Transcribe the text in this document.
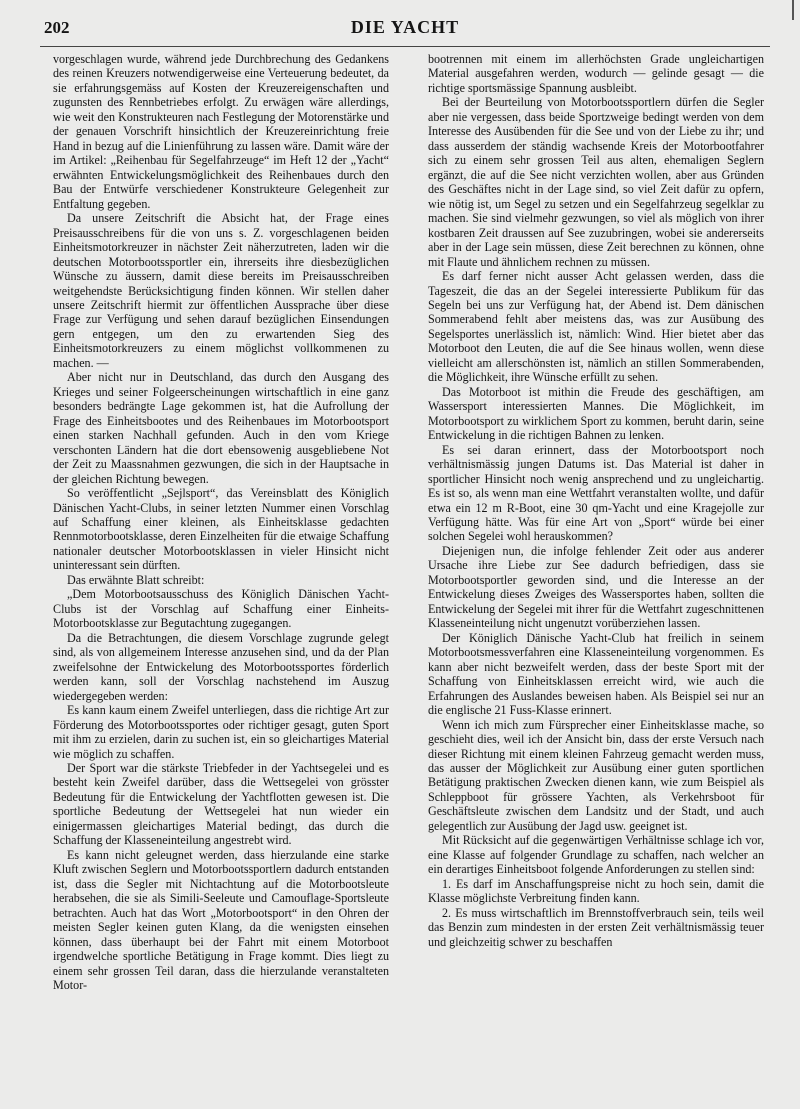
202	DIE YACHT

vorgeschlagen wurde, während jede Durchbrechung des Gedankens des reinen Kreuzers notwendigerweise eine Verteuerung bedeutet, da sie erfahrungsgemäss auf Kosten der Kreuzereigenschaften und zugunsten des Rennbetriebes erfolgt. Zu erwägen wäre allerdings, wie weit den Konstrukteuren nach Festlegung der Motorenstärke und der genauen Vorschrift hinsichtlich der Kreuzereinrichtung freie Hand in bezug auf die Linienführung zu lassen wäre. Damit wäre der im Artikel: „Reihenbau für Segelfahrzeuge“ im Heft 12 der „Yacht“ erwähnten Entwickelungsmöglichkeit des Reihenbaues durch den Bau der Entwürfe verschiedener Konstrukteure Gelegenheit zur Entfaltung gegeben.

Da unsere Zeitschrift die Absicht hat, der Frage eines Preisausschreibens für die von uns s. Z. vorgeschlagenen beiden Einheitsmotorkreuzer in nächster Zeit näherzutreten, laden wir die deutschen Motorbootssportler ein, ihrerseits ihre diesbezüglichen Wünsche zu äussern, damit diese bereits im Preisausschreiben weitgehendste Berücksichtigung finden können. Wir stellen daher unsere Zeitschrift hiermit zur öffentlichen Aussprache über diese Frage zur Verfügung und sehen darauf bezüglichen Einsendungen gern entgegen, um den zu erwartenden Sieg des Einheitsmotorkreuzers zu einem möglichst vollkommenen zu machen. —

Aber nicht nur in Deutschland, das durch den Ausgang des Krieges und seiner Folgeerscheinungen wirtschaftlich in eine ganz besonders bedrängte Lage gekommen ist, hat die Aufrollung der Frage des Einheitsbootes und des Reihenbaues im Motorbootsport einen starken Nachhall gefunden. Auch in den vom Kriege verschonten Ländern hat die dort ebensowenig ausgebliebene Not der Zeit zu Maassnahmen gezwungen, die sich in der Hauptsache in der gleichen Richtung bewegen.

So veröffentlicht „Sejlsport“, das Vereinsblatt des Königlich Dänischen Yacht-Clubs, in seiner letzten Nummer einen Vorschlag auf Schaffung einer kleinen, als Einheitsklasse gedachten Rennmotorbootsklasse, deren Einzelheiten für die etwaige Schaffung nationaler deutscher Motorbootsklassen in vieler Hinsicht nicht uninteressant sein dürften.

Das erwähnte Blatt schreibt:

„Dem Motorbootsausschuss des Königlich Dänischen Yacht-Clubs ist der Vorschlag auf Schaffung einer Einheits-Motorbootsklasse zur Begutachtung zugegangen.

Da die Betrachtungen, die diesem Vorschlage zugrunde gelegt sind, als von allgemeinem Interesse anzusehen sind, und da der Plan zweifelsohne der Entwickelung des Motorbootssportes förderlich werden kann, soll der Vorschlag nachstehend im Auszug wiedergegeben werden:

Es kann kaum einem Zweifel unterliegen, dass die richtige Art zur Förderung des Motorbootssportes oder richtiger gesagt, guten Sport mit ihm zu erzielen, darin zu suchen ist, ein so gleichartiges Material wie möglich zu schaffen.

Der Sport war die stärkste Triebfeder in der Yachtsegelei und es besteht kein Zweifel darüber, dass die Wettsegelei von grösster Bedeutung für die Entwickelung der Yachtflotten gewesen ist. Die sportliche Bedeutung der Wettsegelei hat nun wieder ein einigermassen gleichartiges Material bedingt, das durch die Schaffung der Klasseneinteilung angestrebt wird.

Es kann nicht geleugnet werden, dass hierzulande eine starke Kluft zwischen Seglern und Motorbootssportlern dadurch entstanden ist, dass die Segler mit Nichtachtung auf die Motorbootsleute herabsehen, die sie als Simili-Seeleute und Camouflage-Sportsleute betrachten. Auch hat das Wort „Motorbootsport“ in den Ohren der meisten Segler keinen guten Klang, da die wenigsten einsehen können, dass überhaupt bei der Fahrt mit einem Motorboot irgendwelche sportliche Betätigung in Frage kommt. Dies liegt zu einem sehr grossen Teil daran, dass die hierzulande veranstalteten Motor-

bootrennen mit einem im allerhöchsten Grade ungleichartigen Material ausgefahren werden, wodurch — gelinde gesagt — die richtige sportsmässige Spannung ausbleibt.

Bei der Beurteilung von Motorbootssportlern dürfen die Segler aber nie vergessen, dass beide Sportzweige bedingt werden von dem Interesse des Ausübenden für die See und von der Liebe zu ihr; und dass ausserdem der ständig wachsende Kreis der Motorbootfahrer sich zu einem sehr grossen Teil aus alten, ehemaligen Seglern ergänzt, die auf die See nicht verzichten wollen, aber aus Gründen des Geschäftes nicht in der Lage sind, so viel Zeit dafür zu opfern, wie nötig ist, um Segel zu setzen und ein Segelfahrzeug segelklar zu machen. Sie sind vielmehr gezwungen, so viel als möglich von ihrer kostbaren Zeit draussen auf See zuzubringen, wobei sie andererseits aber in der Lage sein müssen, diese Zeit berechnen zu können, ohne mit Flaute und ähnlichem rechnen zu müssen.

Es darf ferner nicht ausser Acht gelassen werden, dass die Tageszeit, die das an der Segelei interessierte Publikum für das Segeln bei uns zur Verfügung hat, der Abend ist. Dem dänischen Sommerabend fehlt aber meistens das, was zur Ausübung des Segelsportes unerlässlich ist, nämlich: Wind. Hier bietet aber das Motorboot den Leuten, die auf die See hinaus wollen, wenn diese vielleicht am allerschönsten ist, nämlich an stillen Sommerabenden, die Möglichkeit, ihre Wünsche erfüllt zu sehen.

Das Motorboot ist mithin die Freude des geschäftigen, am Wassersport interessierten Mannes. Die Möglichkeit, im Motorbootsport zu wirklichem Sport zu kommen, beruht darin, seine Entwickelung in die richtigen Bahnen zu lenken.

Es sei daran erinnert, dass der Motorbootsport noch verhältnismässig jungen Datums ist. Das Material ist daher in sportlicher Hinsicht noch wenig ansprechend und zu ungleichartig. Es ist so, als wenn man eine Wettfahrt veranstalten wollte, und dafür etwa ein 12 m R-Boot, eine 30 qm-Yacht und eine Kragejolle zur Verfügung hätte. Was für eine Art von „Sport“ würde bei einer solchen Segelei wohl herauskommen?

Diejenigen nun, die infolge fehlender Zeit oder aus anderer Ursache ihre Liebe zur See dadurch befriedigen, dass sie Motorbootsportler geworden sind, und die Interesse an der Entwickelung dieses Zweiges des Wassersportes haben, sollten die Entwickelung der Segelei mit ihrer für die Wettfahrt zugeschnittenen Klasseneinteilung nicht ungenutzt vorüberziehen lassen.

Der Königlich Dänische Yacht-Club hat freilich in seinem Motorbootsmessverfahren eine Klasseneinteilung vorgenommen. Es kann aber nicht bezweifelt werden, dass der beste Sport mit der Schaffung von Einheitsklassen erreicht wird, wie auch die Erfahrungen des Auslandes beweisen haben. Als Beispiel sei nur an die englische 21 Fuss-Klasse erinnert.

Wenn ich mich zum Fürsprecher einer Einheitsklasse mache, so geschieht dies, weil ich der Ansicht bin, dass der erste Versuch nach dieser Richtung mit einem kleinen Fahrzeug gemacht werden muss, das ausser der Möglichkeit zur Ausübung einer guten sportlichen Betätigung praktischen Zwecken dienen kann, wie zum Beispiel als Schleppboot für grössere Yachten, als Verkehrsboot für Geschäftsleute zwischen dem Landsitz und der Stadt, und auch gelegentlich zur Ausübung der Jagd usw. geeignet ist.

Mit Rücksicht auf die gegenwärtigen Verhältnisse schlage ich vor, eine Klasse auf folgender Grundlage zu schaffen, nach welcher an ein derartiges Einheitsboot folgende Anforderungen zu stellen sind:

1. Es darf im Anschaffungspreise nicht zu hoch sein, damit die Klasse möglichste Verbreitung finden kann.

2. Es muss wirtschaftlich im Brennstoffverbrauch sein, teils weil das Benzin zum mindesten in der ersten Zeit verhältnismässig teuer und gleichzeitig schwer zu beschaffen
